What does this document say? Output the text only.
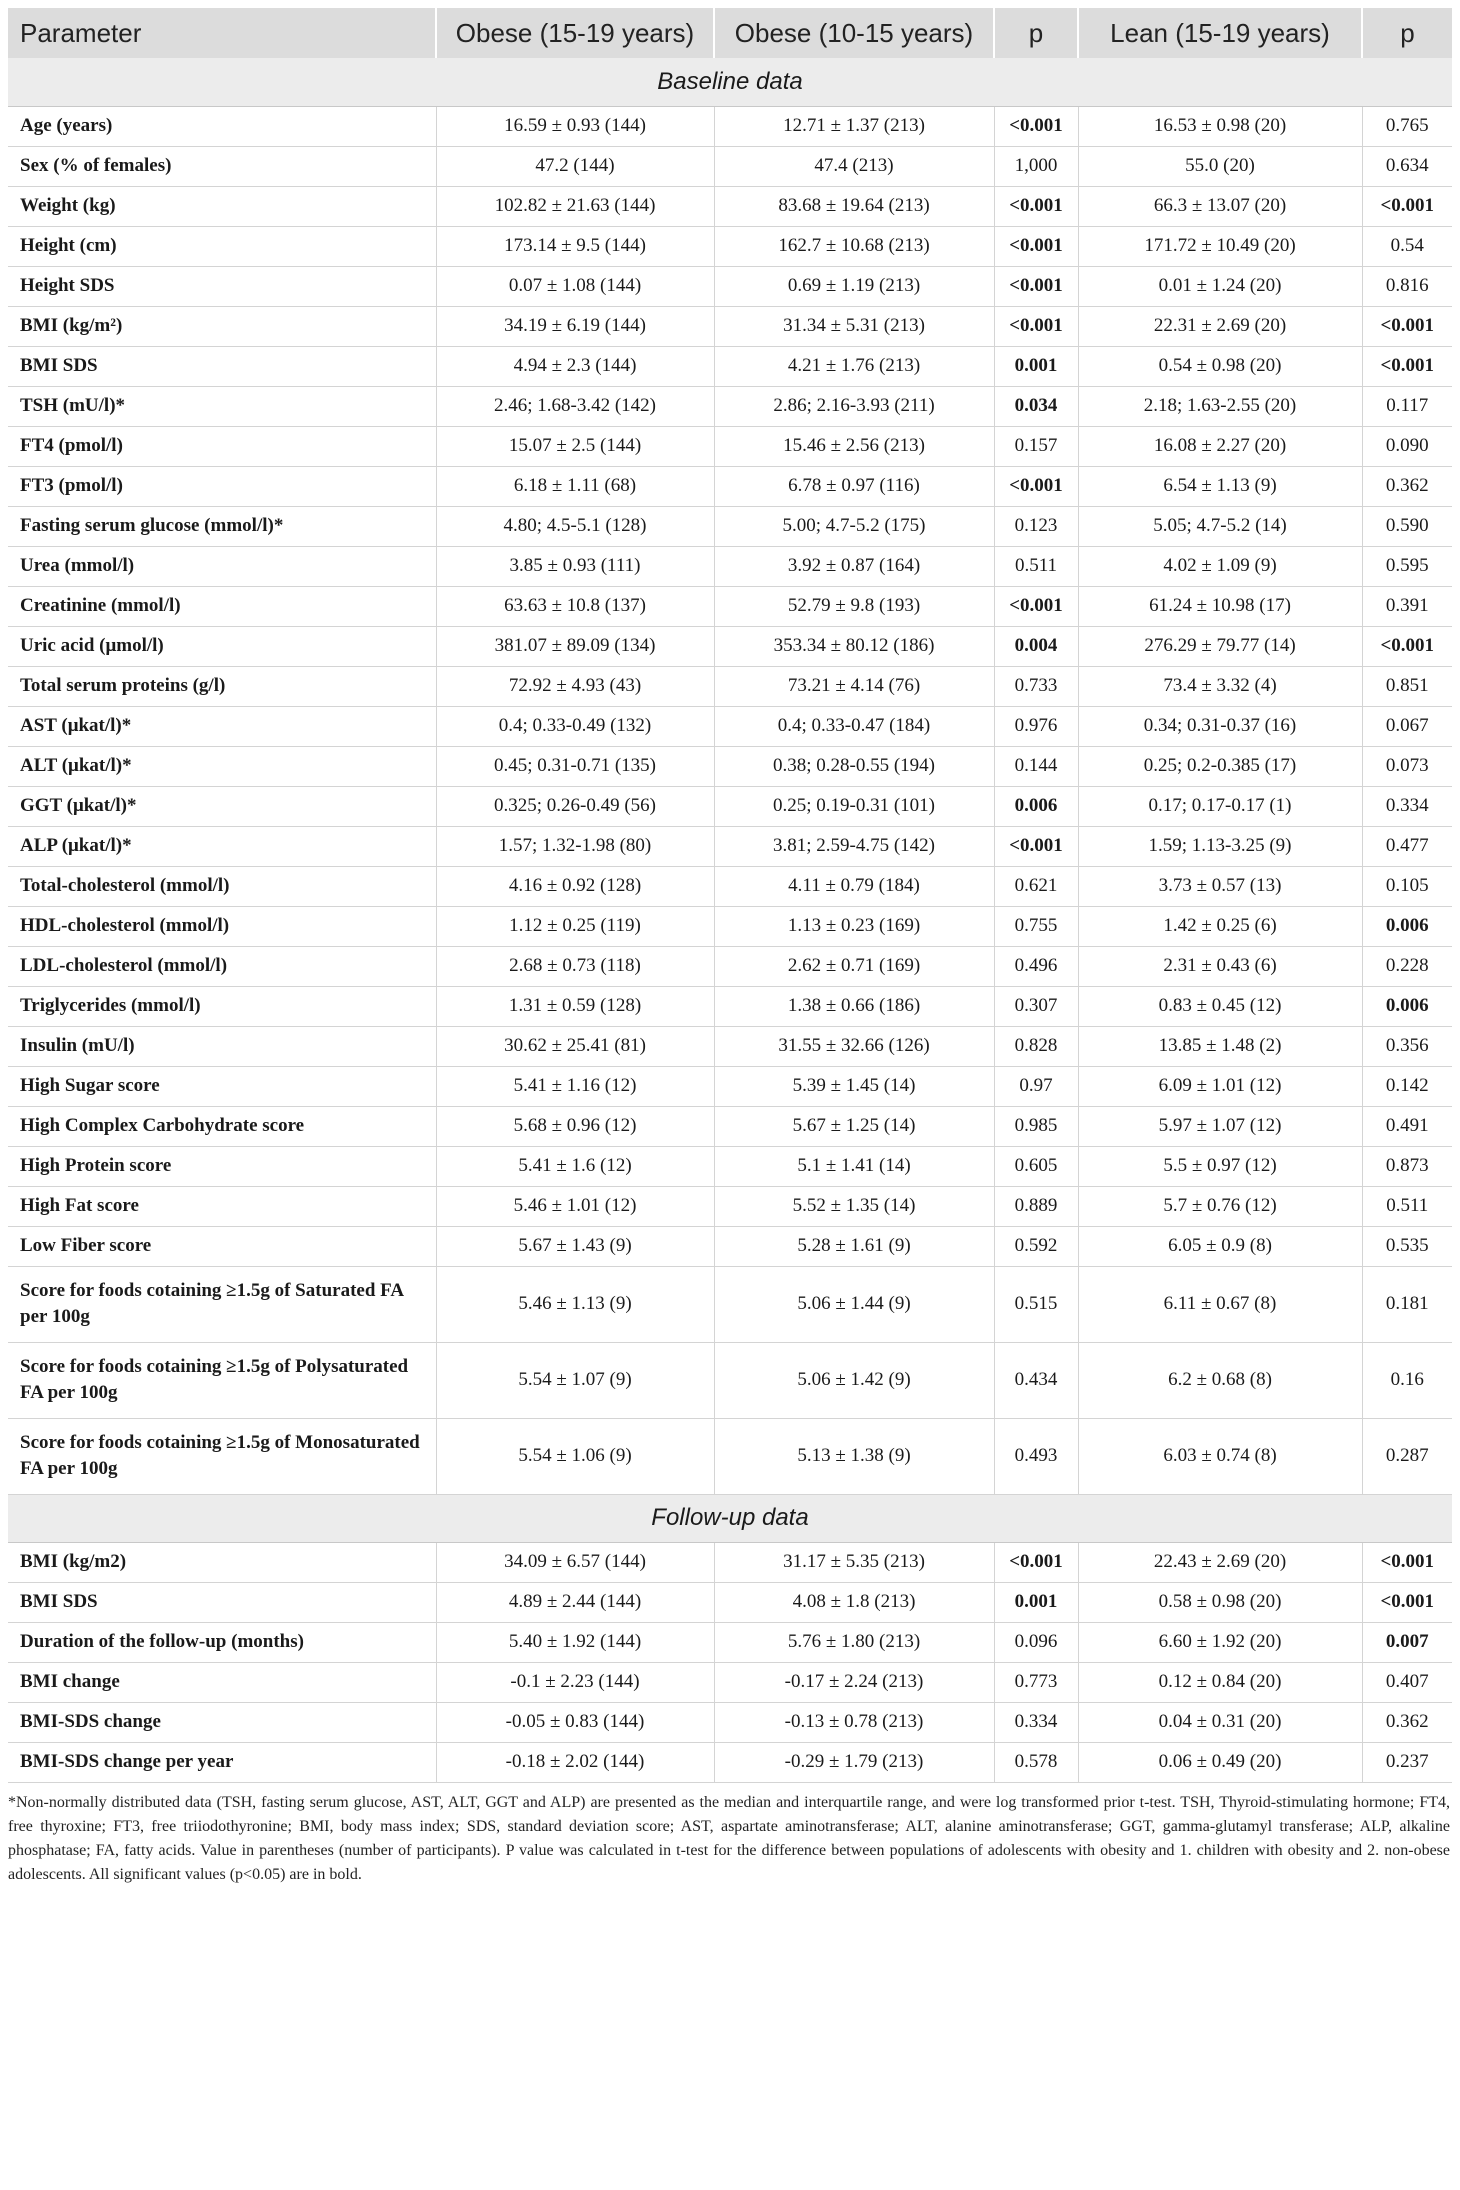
Parameter	Obese (15-19 years)	Obese (10-15 years)	p	Lean (15-19 years)	p
Baseline data					
Age (years)	16.59 ± 0.93 (144)	12.71 ± 1.37 (213)	<0.001	16.53 ± 0.98 (20)	0.765
Sex (% of females)	47.2 (144)	47.4 (213)	1,000	55.0 (20)	0.634
Weight (kg)	102.82 ± 21.63 (144)	83.68 ± 19.64 (213)	<0.001	66.3 ± 13.07 (20)	<0.001
Height (cm)	173.14 ± 9.5 (144)	162.7 ± 10.68 (213)	<0.001	171.72 ± 10.49 (20)	0.54
Height SDS	0.07 ± 1.08 (144)	0.69 ± 1.19 (213)	<0.001	0.01 ± 1.24 (20)	0.816
BMI (kg/m²)	34.19 ± 6.19 (144)	31.34 ± 5.31 (213)	<0.001	22.31 ± 2.69 (20)	<0.001
BMI SDS	4.94 ± 2.3 (144)	4.21 ± 1.76 (213)	0.001	0.54 ± 0.98 (20)	<0.001
TSH (mU/l)*	2.46; 1.68-3.42 (142)	2.86; 2.16-3.93 (211)	0.034	2.18; 1.63-2.55 (20)	0.117
FT4 (pmol/l)	15.07 ± 2.5 (144)	15.46 ± 2.56 (213)	0.157	16.08 ± 2.27 (20)	0.090
FT3 (pmol/l)	6.18 ± 1.11 (68)	6.78 ± 0.97 (116)	<0.001	6.54 ± 1.13 (9)	0.362
Fasting serum glucose (mmol/l)*	4.80; 4.5-5.1 (128)	5.00; 4.7-5.2 (175)	0.123	5.05; 4.7-5.2 (14)	0.590
Urea (mmol/l)	3.85 ± 0.93 (111)	3.92 ± 0.87 (164)	0.511	4.02 ± 1.09 (9)	0.595
Creatinine (mmol/l)	63.63 ± 10.8 (137)	52.79 ± 9.8 (193)	<0.001	61.24 ± 10.98 (17)	0.391
Uric acid (μmol/l)	381.07 ± 89.09 (134)	353.34 ± 80.12 (186)	0.004	276.29 ± 79.77 (14)	<0.001
Total serum proteins (g/l)	72.92 ± 4.93 (43)	73.21 ± 4.14 (76)	0.733	73.4 ± 3.32 (4)	0.851
AST (μkat/l)*	0.4; 0.33-0.49 (132)	0.4; 0.33-0.47 (184)	0.976	0.34; 0.31-0.37 (16)	0.067
ALT (μkat/l)*	0.45; 0.31-0.71 (135)	0.38; 0.28-0.55 (194)	0.144	0.25; 0.2-0.385 (17)	0.073
GGT (μkat/l)*	0.325; 0.26-0.49 (56)	0.25; 0.19-0.31 (101)	0.006	0.17; 0.17-0.17 (1)	0.334
ALP (μkat/l)*	1.57; 1.32-1.98 (80)	3.81; 2.59-4.75 (142)	<0.001	1.59; 1.13-3.25 (9)	0.477
Total-cholesterol (mmol/l)	4.16 ± 0.92 (128)	4.11 ± 0.79 (184)	0.621	3.73 ± 0.57 (13)	0.105
HDL-cholesterol (mmol/l)	1.12 ± 0.25 (119)	1.13 ± 0.23 (169)	0.755	1.42 ± 0.25 (6)	0.006
LDL-cholesterol (mmol/l)	2.68 ± 0.73 (118)	2.62 ± 0.71 (169)	0.496	2.31 ± 0.43 (6)	0.228
Triglycerides (mmol/l)	1.31 ± 0.59 (128)	1.38 ± 0.66 (186)	0.307	0.83 ± 0.45 (12)	0.006
Insulin (mU/l)	30.62 ± 25.41 (81)	31.55 ± 32.66 (126)	0.828	13.85 ± 1.48 (2)	0.356
High Sugar score	5.41 ± 1.16 (12)	5.39 ± 1.45 (14)	0.97	6.09 ± 1.01 (12)	0.142
High Complex Carbohydrate score	5.68 ± 0.96 (12)	5.67 ± 1.25 (14)	0.985	5.97 ± 1.07 (12)	0.491
High Protein score	5.41 ± 1.6 (12)	5.1 ± 1.41 (14)	0.605	5.5 ± 0.97 (12)	0.873
High Fat score	5.46 ± 1.01 (12)	5.52 ± 1.35 (14)	0.889	5.7 ± 0.76 (12)	0.511
Low Fiber score	5.67 ± 1.43 (9)	5.28 ± 1.61 (9)	0.592	6.05 ± 0.9 (8)	0.535
Score for foods cotaining ≥1.5g of Saturated FA per 100g	5.46 ± 1.13 (9)	5.06 ± 1.44 (9)	0.515	6.11 ± 0.67 (8)	0.181
Score for foods cotaining ≥1.5g of Polysaturated FA per 100g	5.54 ± 1.07 (9)	5.06 ± 1.42 (9)	0.434	6.2 ± 0.68 (8)	0.16
Score for foods cotaining ≥1.5g of Monosaturated FA per 100g	5.54 ± 1.06 (9)	5.13 ± 1.38 (9)	0.493	6.03 ± 0.74 (8)	0.287
Follow-up data					
BMI (kg/m2)	34.09 ± 6.57 (144)	31.17 ± 5.35 (213)	<0.001	22.43 ± 2.69 (20)	<0.001
BMI SDS	4.89 ± 2.44 (144)	4.08 ± 1.8 (213)	0.001	0.58 ± 0.98 (20)	<0.001
Duration of the follow-up (months)	5.40 ± 1.92 (144)	5.76 ± 1.80 (213)	0.096	6.60 ± 1.92 (20)	0.007
BMI change	-0.1 ± 2.23 (144)	-0.17 ± 2.24 (213)	0.773	0.12 ± 0.84 (20)	0.407
BMI-SDS change	-0.05 ± 0.83 (144)	-0.13 ± 0.78 (213)	0.334	0.04 ± 0.31 (20)	0.362
BMI-SDS change per year	-0.18 ± 2.02 (144)	-0.29 ± 1.79 (213)	0.578	0.06 ± 0.49 (20)	0.237
*Non-normally distributed data (TSH, fasting serum glucose, AST, ALT, GGT and ALP) are presented as the median and interquartile range, and were log transformed prior t-test. TSH, Thyroid-stimulating hormone; FT4, free thyroxine; FT3, free triiodothyronine; BMI, body mass index; SDS, standard deviation score; AST, aspartate aminotransferase; ALT, alanine aminotransferase; GGT, gamma-glutamyl transferase; ALP, alkaline phosphatase; FA, fatty acids. Value in parentheses (number of participants). P value was calculated in t-test for the difference between populations of adolescents with obesity and 1. children with obesity and 2. non-obese adolescents. All significant values (p<0.05) are in bold.
